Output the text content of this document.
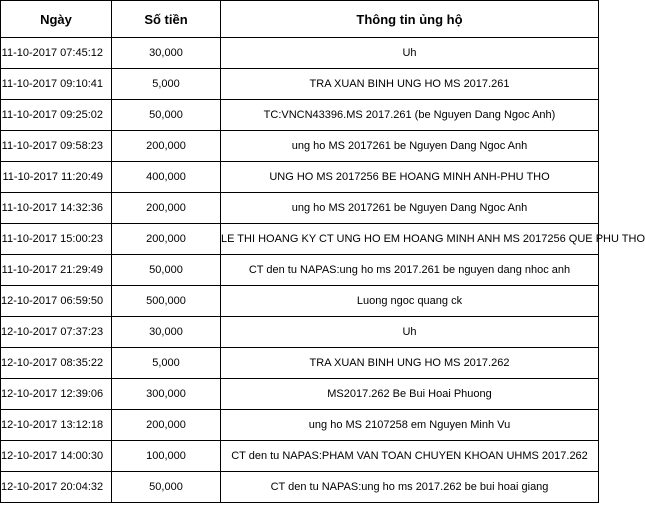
Ngày	Số tiền	Thông tin ủng hộ
11-10-2017 07:45:12	30,000	Uh
11-10-2017 09:10:41	5,000	TRA XUAN BINH UNG HO MS 2017.261
11-10-2017 09:25:02	50,000	TC:VNCN43396.MS 2017.261 (be Nguyen Dang Ngoc Anh)
11-10-2017 09:58:23	200,000	ung ho MS 2017261 be Nguyen Dang Ngoc Anh
11-10-2017 11:20:49	400,000	UNG HO MS 2017256 BE HOANG MINH ANH-PHU THO
11-10-2017 14:32:36	200,000	ung ho MS 2017261 be Nguyen Dang Ngoc Anh
11-10-2017 15:00:23	200,000	LE THI HOANG KY CT UNG HO EM HOANG MINH ANH MS 2017256 QUE PHU THO
11-10-2017 21:29:49	50,000	CT den tu NAPAS:ung ho ms 2017.261 be nguyen dang nhoc anh
12-10-2017 06:59:50	500,000	Luong ngoc quang ck
12-10-2017 07:37:23	30,000	Uh
12-10-2017 08:35:22	5,000	TRA XUAN BINH UNG HO MS 2017.262
12-10-2017 12:39:06	300,000	MS2017.262 Be Bui Hoai Phuong
12-10-2017 13:12:18	200,000	ung ho MS 2107258 em Nguyen Minh Vu
12-10-2017 14:00:30	100,000	CT den tu NAPAS:PHAM VAN TOAN CHUYEN KHOAN UHMS 2017.262
12-10-2017 20:04:32	50,000	CT den tu NAPAS:ung ho ms 2017.262 be bui hoai giang
